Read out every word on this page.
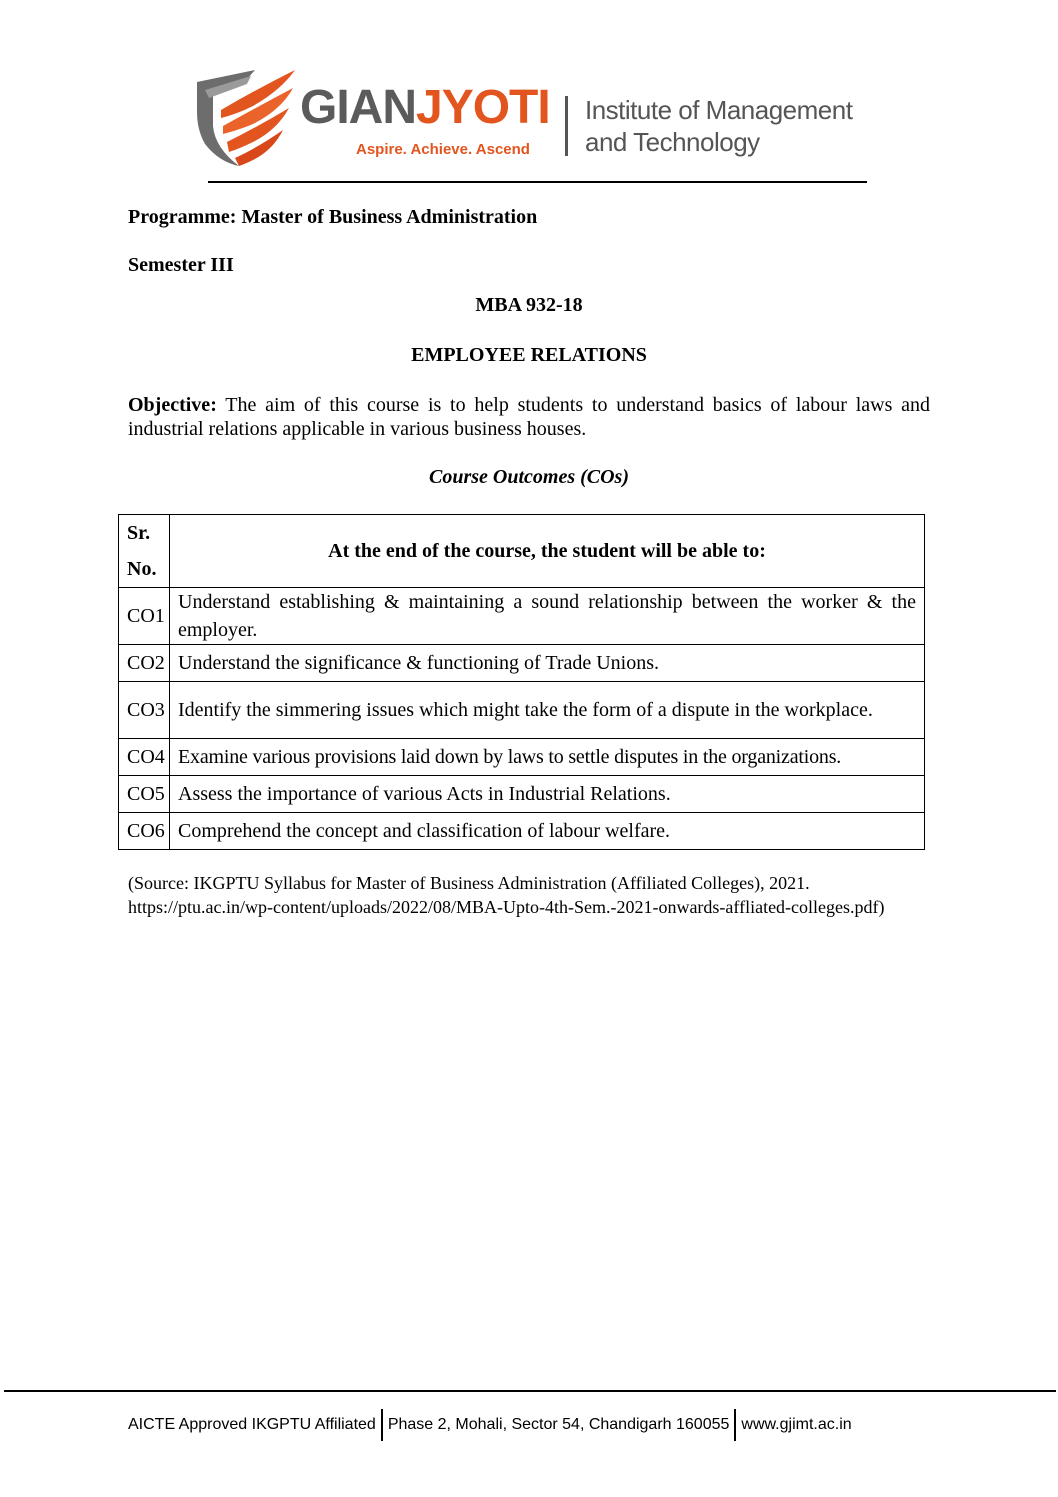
GIANJYOTI
Aspire. Achieve. Ascend
Institute of Management
and Technology
Programme: Master of Business Administration
Semester III
MBA 932-18
EMPLOYEE RELATIONS
Objective: The aim of this course is to help students to understand basics of labour laws and industrial relations applicable in various business houses.
Course Outcomes (COs)
Sr.
No.	At the end of the course, the student will be able to:
CO1	Understand establishing & maintaining a sound relationship between the worker & the employer.
CO2	Understand the significance & functioning of Trade Unions.
CO3	Identify the simmering issues which might take the form of a dispute in the workplace.
CO4	Examine various provisions laid down by laws to settle disputes in the organizations.
CO5	Assess the importance of various Acts in Industrial Relations.
CO6	Comprehend the concept and classification of labour welfare.
(Source: IKGPTU Syllabus for Master of Business Administration (Affiliated Colleges), 2021.
https://ptu.ac.in/wp-content/uploads/2022/08/MBA-Upto-4th-Sem.-2021-onwards-affliated-colleges.pdf)
AICTE Approved IKGPTU Affiliated Phase 2, Mohali, Sector 54, Chandigarh 160055 www.gjimt.ac.in
